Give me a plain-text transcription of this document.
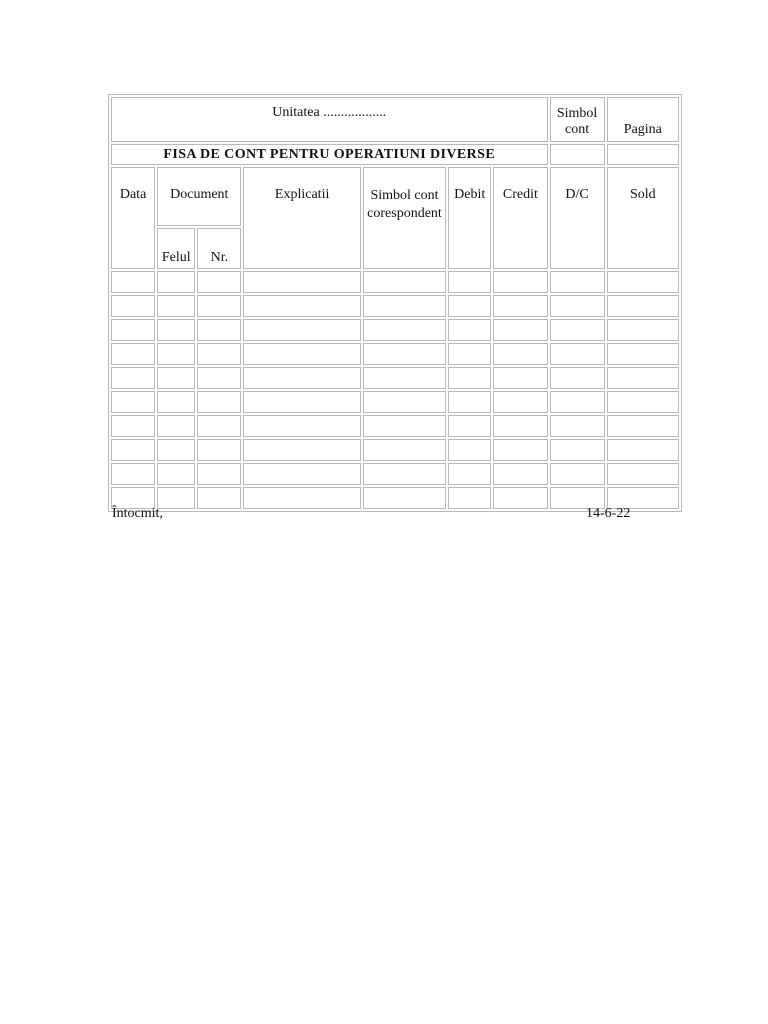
Unitatea ..................							Simbol cont	Pagina
FISA DE CONT PENTRU OPERATIUNI DIVERSE								
Data	Document		Explicatii	Simbol cont corespondent	Debit	Credit	D/C	Sold
	Felul	Nr.						

Întocmit,	14-6-22
